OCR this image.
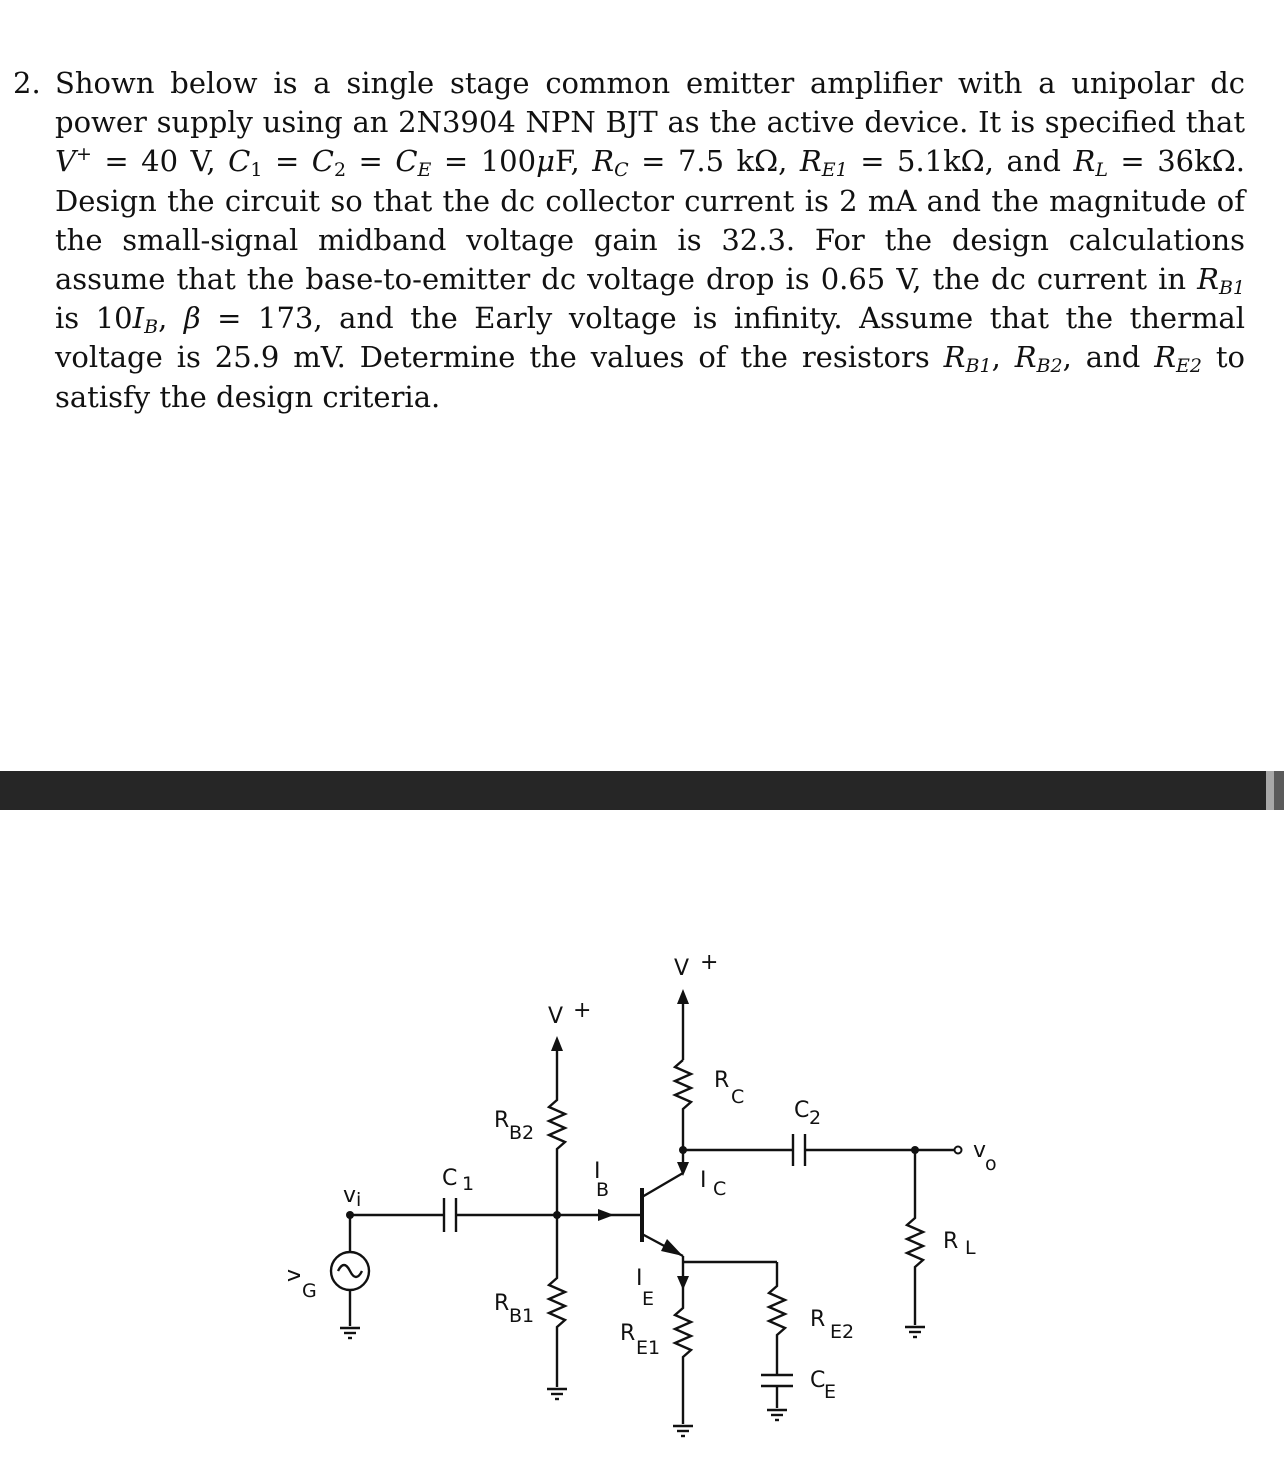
2. Shown below is a single stage common emitter amplifier with a unipolar dc power supply using an 2N3904 NPN BJT as the active device. It is specified that V+ = 40 V, $C_1 = C_2 = C_E = 100\mu F$, $R_C = 7.5$ kΩ, $R_{E1} = 5.1k\Omega$, and $R_L = 36k\Omega$. Design the circuit so that the dc collector current is 2 mA and the magnitude of the small-signal midband voltage gain is 32.3. For the design calculations assume that the base-to-emitter dc voltage drop is 0.65 V, the dc current in $R_{B1}$ is $10I_B$, β = 173, and the Early voltage is infinity. Assume that the thermal voltage is 25.9 mV. Determine the values of the resistors $R_{B1}$, $R_{B2}$, and $R_{E2}$ to satisfy the design criteria.
V +
R B2
R B1
C 1
v i
I
B
v
G
V +
R
C
I C
C 2
v
o
R L
I
E
R
E1
R E2
C
E
